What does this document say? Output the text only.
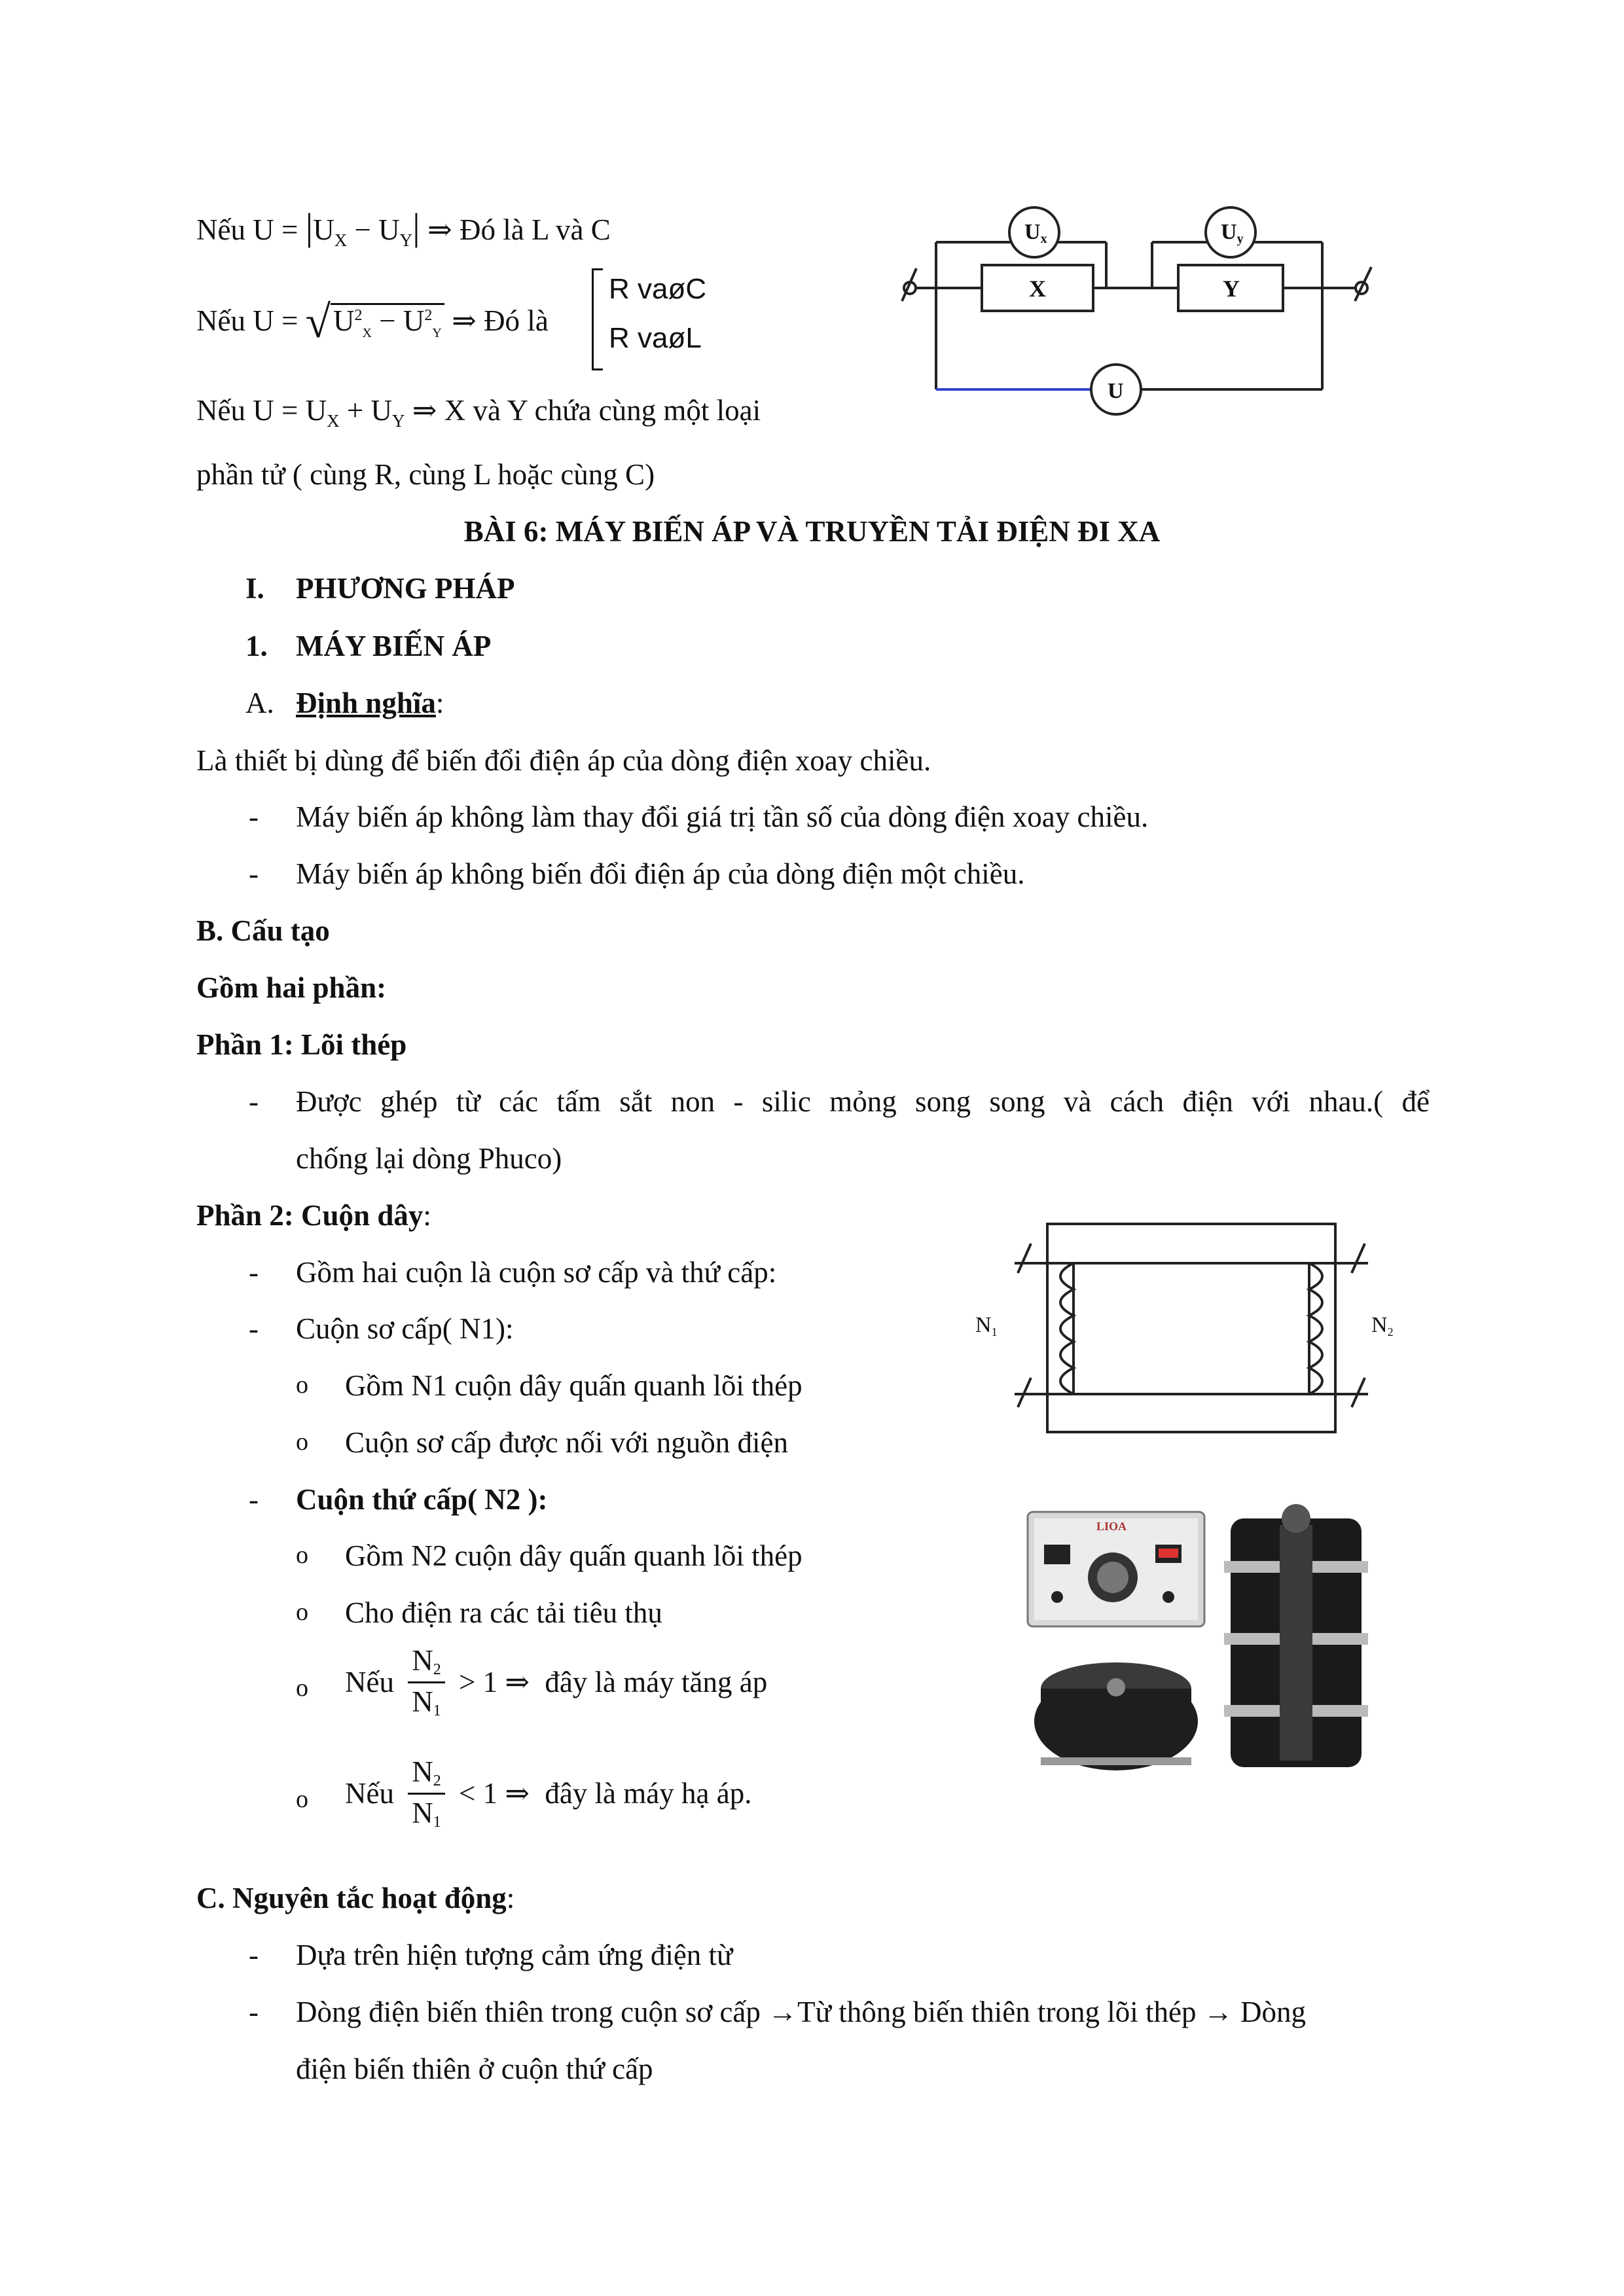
Nếu $U = |U_X - U_Y|$ ⇒ Đó là L và C
Nếu $U = √U^2_X - U^2_Y$ ⇒ Đó là
R vaøC
R vaøL
Nếu $U = U_X + U_Y$ ⇒ X và Y chứa cùng một loại
phần tử ( cùng R, cùng L hoặc cùng C)
Ux	Uy
X	Y
U
BÀI 6: MÁY BIẾN ÁP VÀ TRUYỀN TẢI ĐIỆN ĐI XA
I. PHƯƠNG PHÁP
1. MÁY BIẾN ÁP
A. Định nghĩa:
Là thiết bị dùng để biến đổi điện áp của dòng điện xoay chiều.
- Máy biến áp không làm thay đổi giá trị tần số của dòng điện xoay chiều.
- Máy biến áp không biến đổi điện áp của dòng điện một chiều.
B. Cấu tạo
Gồm hai phần:
Phần 1: Lõi thép
- Được ghép từ các tấm sắt non - silic mỏng song song và cách điện với nhau.( để
chống lại dòng Phuco)
Phần 2: Cuộn dây:
- Gồm hai cuộn là cuộn sơ cấp và thứ cấp:
- Cuộn sơ cấp( N1):
o Gồm N1 cuộn dây quấn quanh lõi thép
o Cuộn sơ cấp được nối với nguồn điện
- Cuộn thứ cấp( N2 ):
o Gồm N2 cuộn dây quấn quanh lõi thép
o Cho điện ra các tải tiêu thụ
o Nếu $\frac{N_2}{N_1} > 1$ ⇒ đây là máy tăng áp
o Nếu $\frac{N_2}{N_1} < 1$ ⇒ đây là máy hạ áp.
N1	N2
LIOA
C. Nguyên tắc hoạt động:
- Dựa trên hiện tượng cảm ứng điện từ
- Dòng điện biến thiên trong cuộn sơ cấp →Từ thông biến thiên trong lõi thép → Dòng
điện biến thiên ở cuộn thứ cấp
